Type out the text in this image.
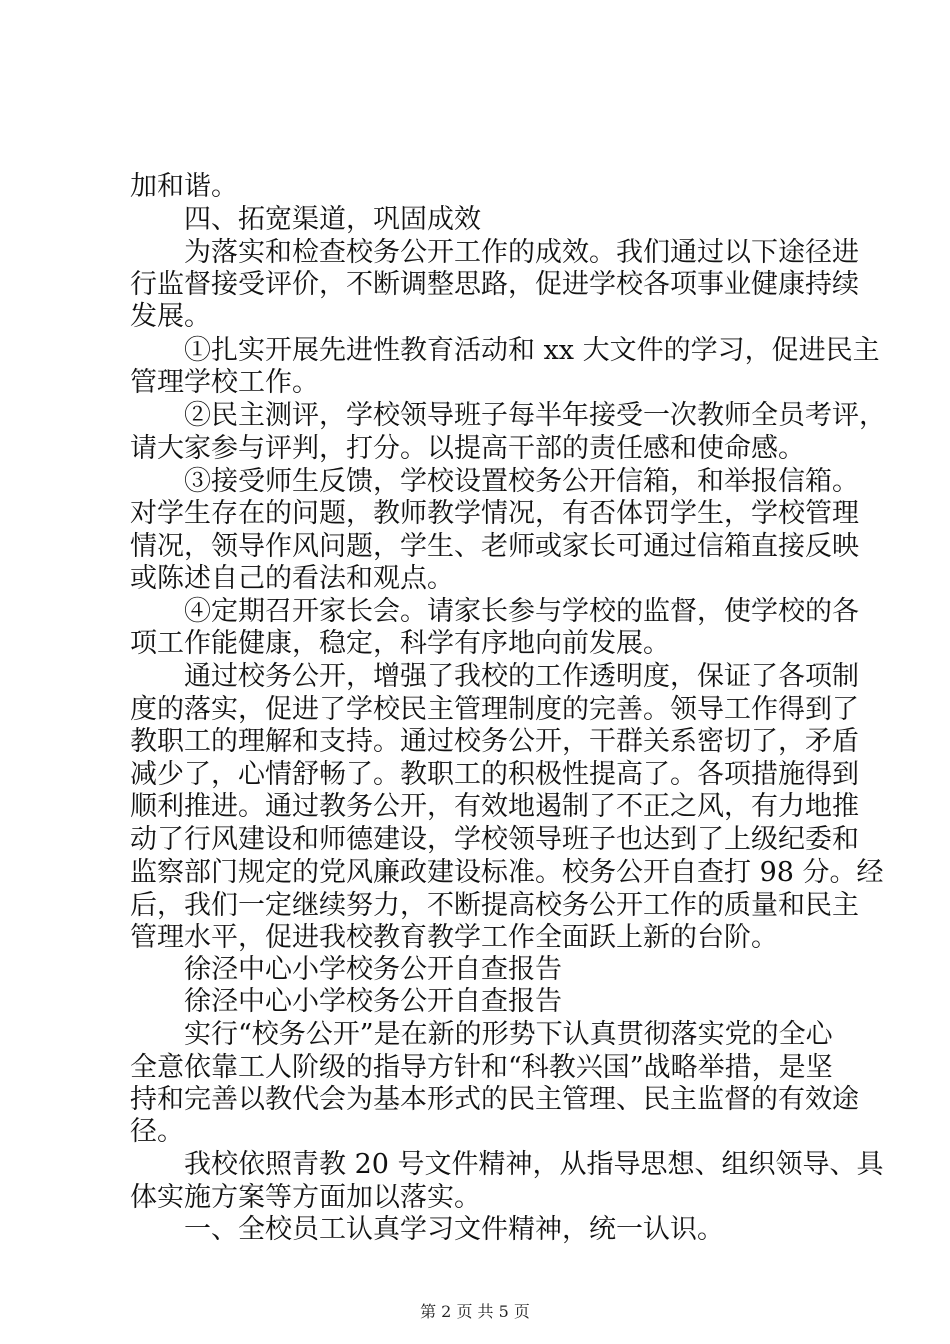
加和谐。
　　四、拓宽渠道，巩固成效
　　为落实和检查校务公开工作的成效。我们通过以下途径进
行监督接受评价，不断调整思路，促进学校各项事业健康持续
发展。
　　①扎实开展先进性教育活动和 xx 大文件的学习，促进民主
管理学校工作。
　　②民主测评，学校领导班子每半年接受一次教师全员考评，
请大家参与评判，打分。以提高干部的责任感和使命感。
　　③接受师生反馈，学校设置校务公开信箱，和举报信箱。
对学生存在的问题，教师教学情况，有否体罚学生，学校管理
情况，领导作风问题，学生、老师或家长可通过信箱直接反映
或陈述自己的看法和观点。
　　④定期召开家长会。请家长参与学校的监督，使学校的各
项工作能健康，稳定，科学有序地向前发展。
　　通过校务公开，增强了我校的工作透明度，保证了各项制
度的落实，促进了学校民主管理制度的完善。领导工作得到了
教职工的理解和支持。通过校务公开，干群关系密切了，矛盾
减少了，心情舒畅了。教职工的积极性提高了。各项措施得到
顺利推进。通过教务公开，有效地遏制了不正之风，有力地推
动了行风建设和师德建设，学校领导班子也达到了上级纪委和
监察部门规定的党风廉政建设标准。校务公开自查打 98 分。经
后，我们一定继续努力，不断提高校务公开工作的质量和民主
管理水平，促进我校教育教学工作全面跃上新的台阶。
　　徐泾中心小学校务公开自查报告
　　徐泾中心小学校务公开自查报告
　　实行“校务公开”是在新的形势下认真贯彻落实党的全心
全意依靠工人阶级的指导方针和“科教兴国”战略举措，是坚
持和完善以教代会为基本形式的民主管理、民主监督的有效途
径。
　　我校依照青教 20 号文件精神，从指导思想、组织领导、具
体实施方案等方面加以落实。
　　一、全校员工认真学习文件精神，统一认识。
第 2 页 共 5 页
